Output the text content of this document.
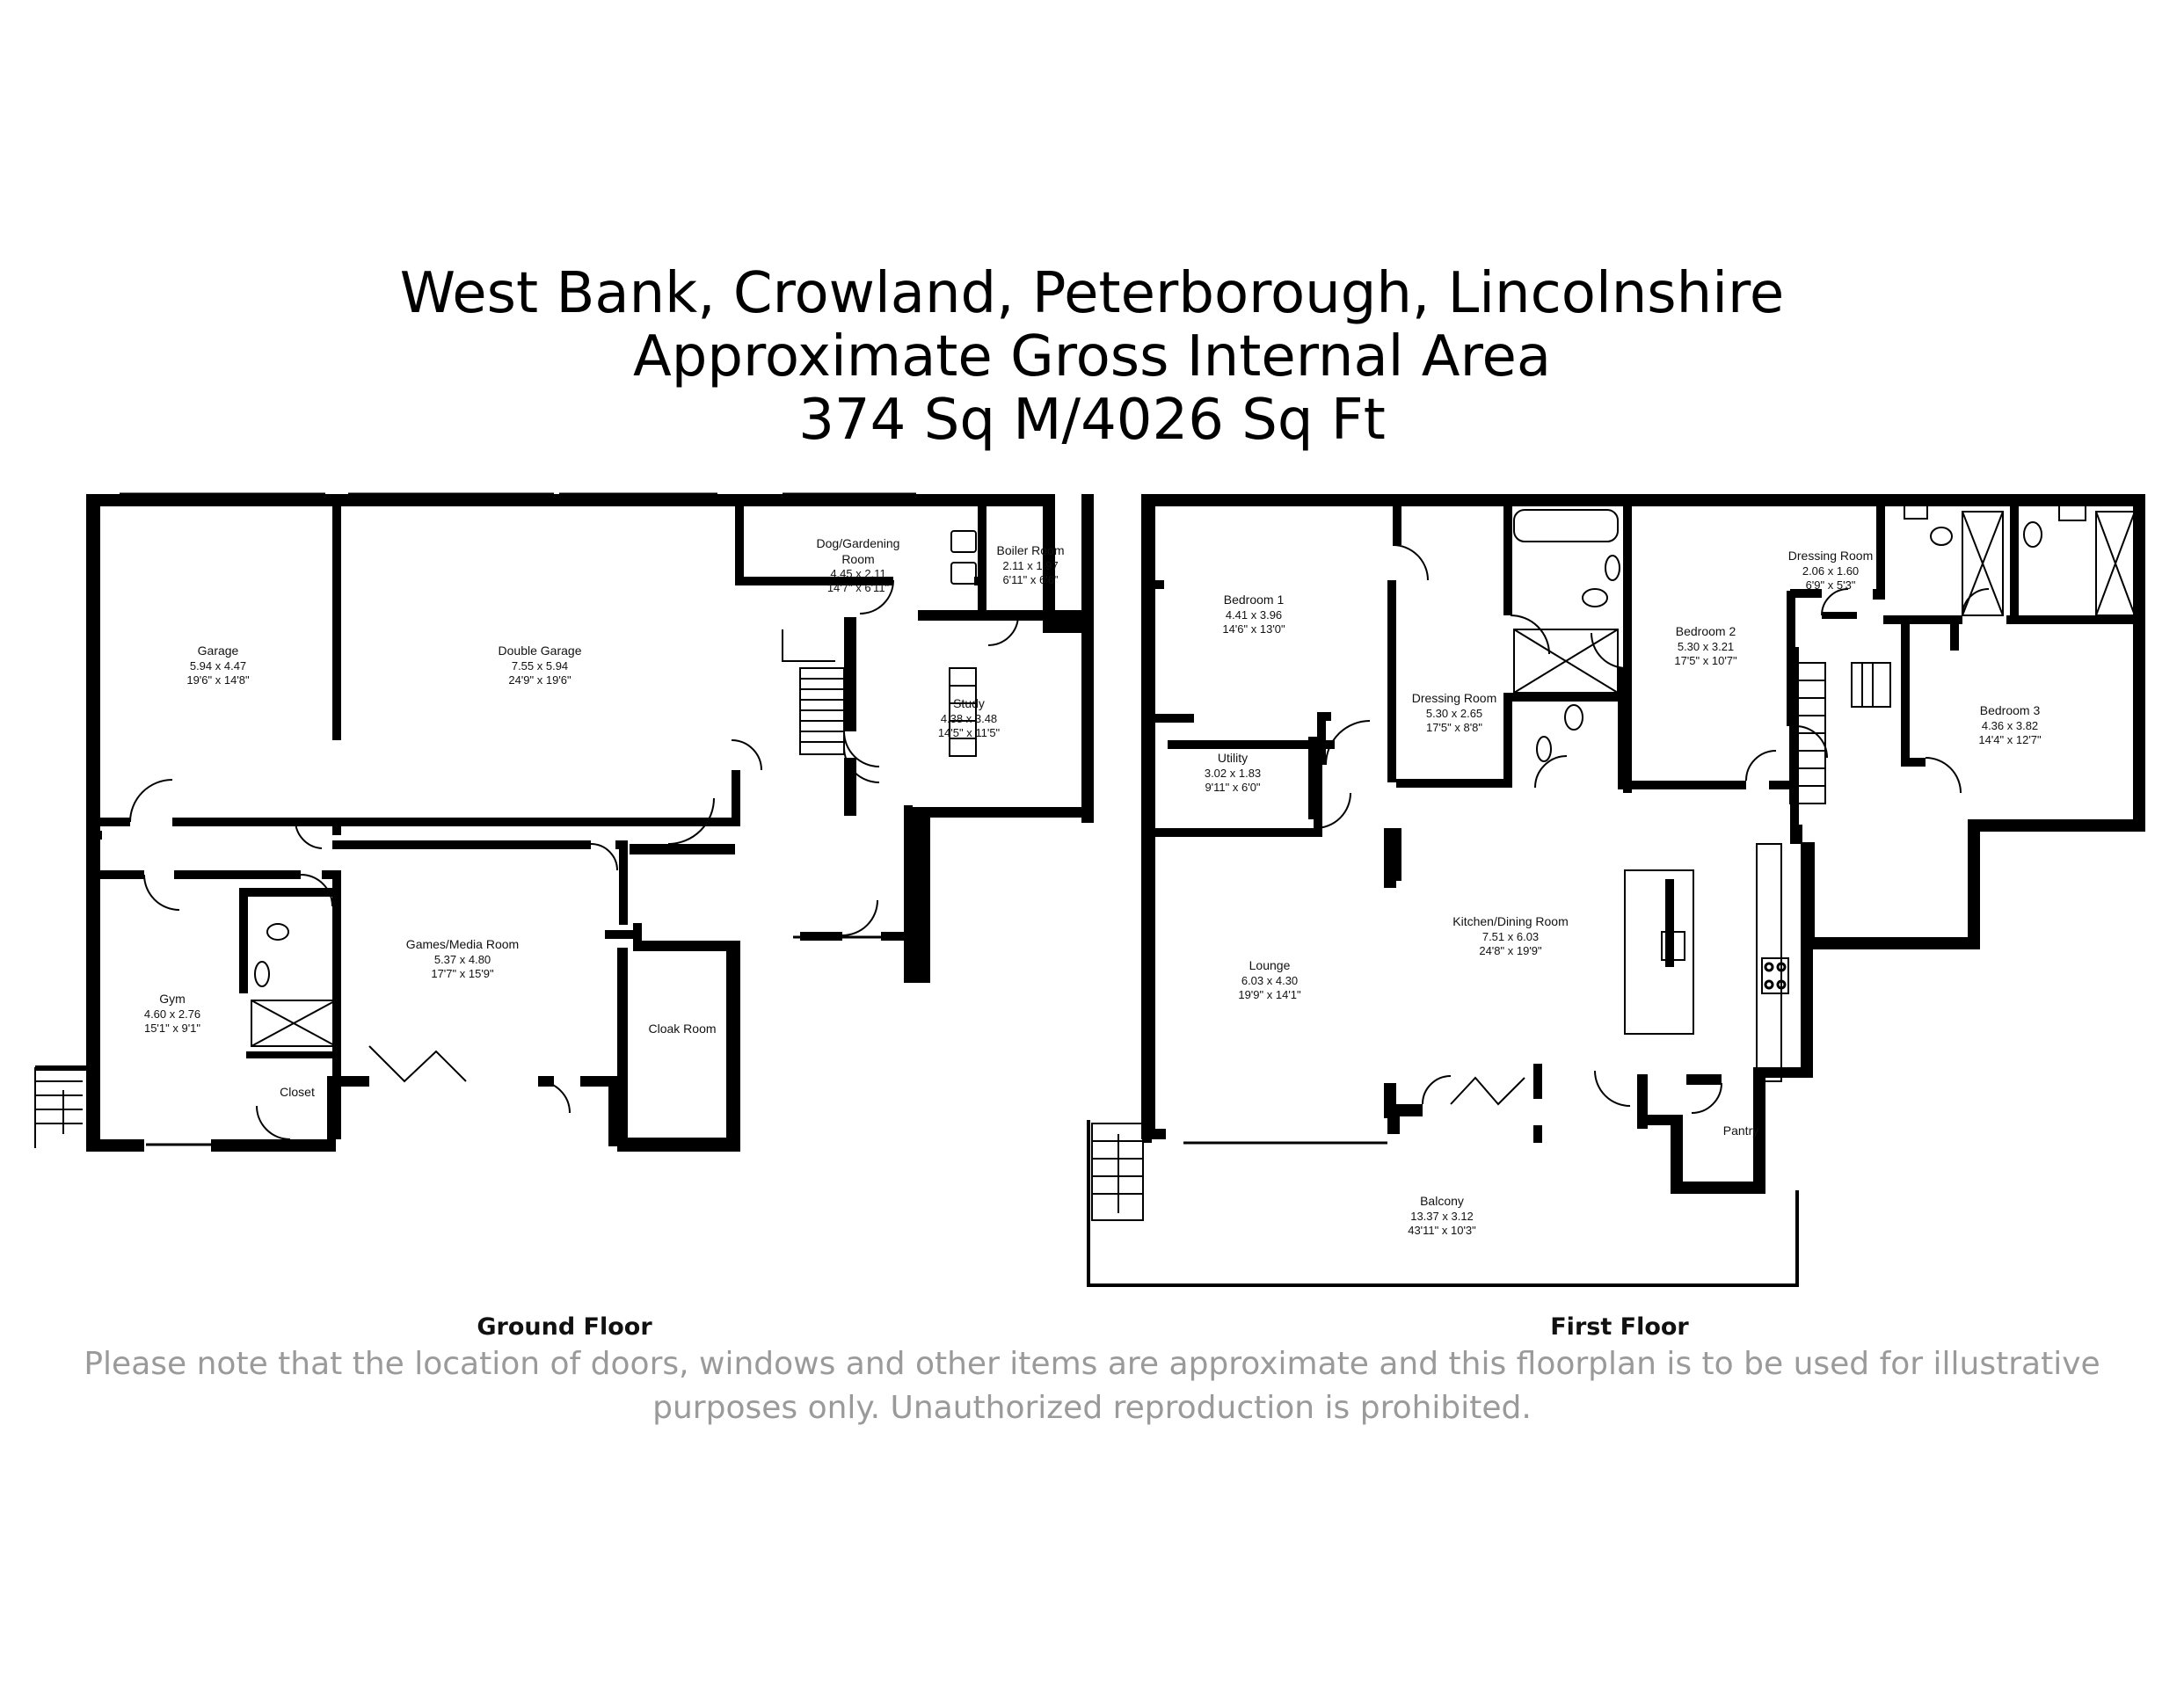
West Bank, Crowland, Peterborough, Lincolnshire
Approximate Gross Internal Area
374 Sq M/4026 Sq Ft
Garage
5.94 x 4.47
19'6" x 14'8"
Double Garage
7.55 x 5.94
24'9" x 19'6"
Dog/Gardening Room
4.45 x 2.11
14'7" x 6'11"
Boiler Room
2.11 x 1.97
6'11" x 6'6"
Study
4.38 x 3.48
14'5" x 11'5"
Games/Media Room
5.37 x 4.80
17'7" x 15'9"
Gym
4.60 x 2.76
15'1" x 9'1"
Closet
Cloak Room
Bedroom 1
4.41 x 3.96
14'6" x 13'0"
Dressing Room
5.30 x 2.65
17'5" x 8'8"
Bedroom 2
5.30 x 3.21
17'5" x 10'7"
Dressing Room
2.06 x 1.60
6'9" x 5'3"
Bedroom 3
4.36 x 3.82
14'4" x 12'7"
Utility
3.02 x 1.83
9'11" x 6'0"
Lounge
6.03 x 4.30
19'9" x 14'1"
Kitchen/Dining Room
7.51 x 6.03
24'8" x 19'9"
Pantry
Balcony
13.37 x 3.12
43'11" x 10'3"
Ground Floor	First Floor
Please note that the location of doors, windows and other items are approximate and this floorplan is to be used for illustrative
purposes only. Unauthorized reproduction is prohibited.
